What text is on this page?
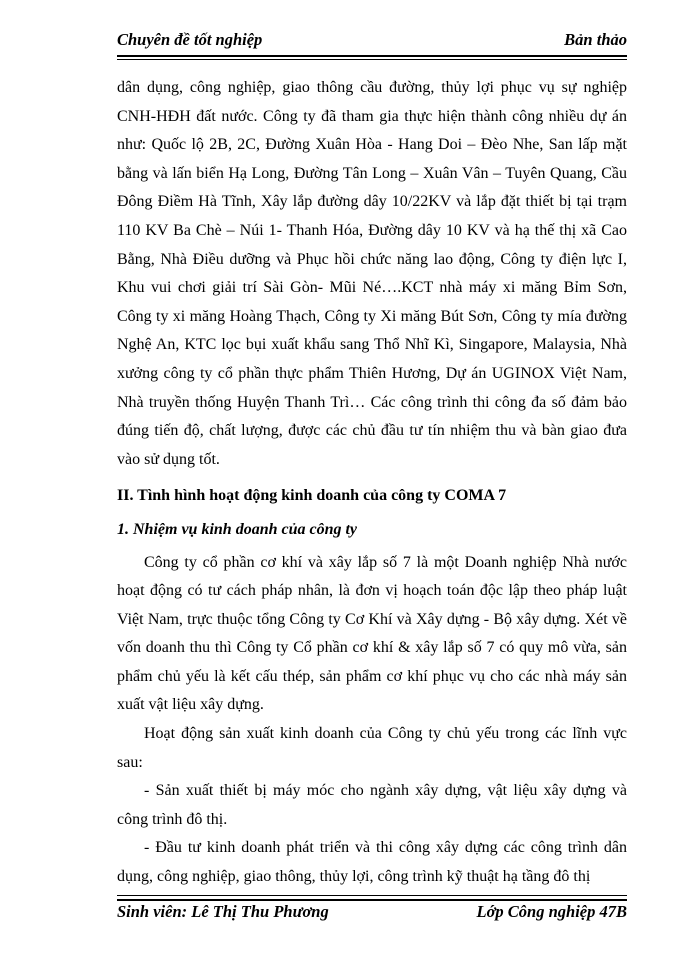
Chuyên đề tốt nghiệp	Bản thảo

dân dụng, công nghiệp, giao thông cầu đường, thủy lợi phục vụ sự nghiệp CNH-HĐH đất nước. Công ty đã tham gia thực hiện thành công nhiều dự án như: Quốc lộ 2B, 2C, Đường Xuân Hòa - Hang Doi – Đèo Nhe, San lấp mặt bằng và lấn biển Hạ Long, Đường Tân Long – Xuân Vân – Tuyên Quang, Cầu Đông Điềm Hà Tĩnh, Xây lắp đường dây 10/22KV và lắp đặt thiết bị tại trạm 110 KV Ba Chè – Núi 1- Thanh Hóa, Đường dây 10 KV và hạ thế thị xã Cao Bằng, Nhà Điều dưỡng và Phục hồi chức năng lao động, Công ty điện lực I, Khu vui chơi giải trí Sài Gòn- Mũi Né….KCT nhà máy xi măng Bỉm Sơn, Công ty xi măng Hoàng Thạch, Công ty Xi măng Bút Sơn, Công ty mía đường Nghệ An, KTC lọc bụi xuất khẩu sang Thổ Nhĩ Kì, Singapore, Malaysia, Nhà xưởng công ty cổ phần thực phẩm Thiên Hương, Dự án UGINOX Việt Nam, Nhà truyền thống Huyện Thanh Trì… Các công trình thi công đa số đảm bảo đúng tiến độ, chất lượng, được các chủ đầu tư tín nhiệm thu và bàn giao đưa vào sử dụng tốt.

II. Tình hình hoạt động kinh doanh của công ty COMA 7

1. Nhiệm vụ kinh doanh của công ty

Công ty cổ phần cơ khí và xây lắp số 7 là một Doanh nghiệp Nhà nước hoạt động có tư cách pháp nhân, là đơn vị hoạch toán độc lập theo pháp luật Việt Nam, trực thuộc tổng Công ty Cơ Khí và Xây dựng - Bộ xây dựng. Xét về vốn doanh thu thì Công ty Cổ phần cơ khí & xây lắp số 7 có quy mô vừa, sản phẩm chủ yếu là kết cấu thép, sản phẩm cơ khí phục vụ cho các nhà máy sản xuất vật liệu xây dựng.

Hoạt động sản xuất kinh doanh của Công ty chủ yếu trong các lĩnh vực sau:

- Sản xuất thiết bị máy móc cho ngành xây dựng, vật liệu xây dựng và công trình đô thị.

- Đầu tư kinh doanh phát triển và thi công xây dựng các công trình dân dụng, công nghiệp, giao thông, thủy lợi, công trình kỹ thuật hạ tầng đô thị

Sinh viên: Lê Thị Thu Phương	Lớp Công nghiệp 47B
